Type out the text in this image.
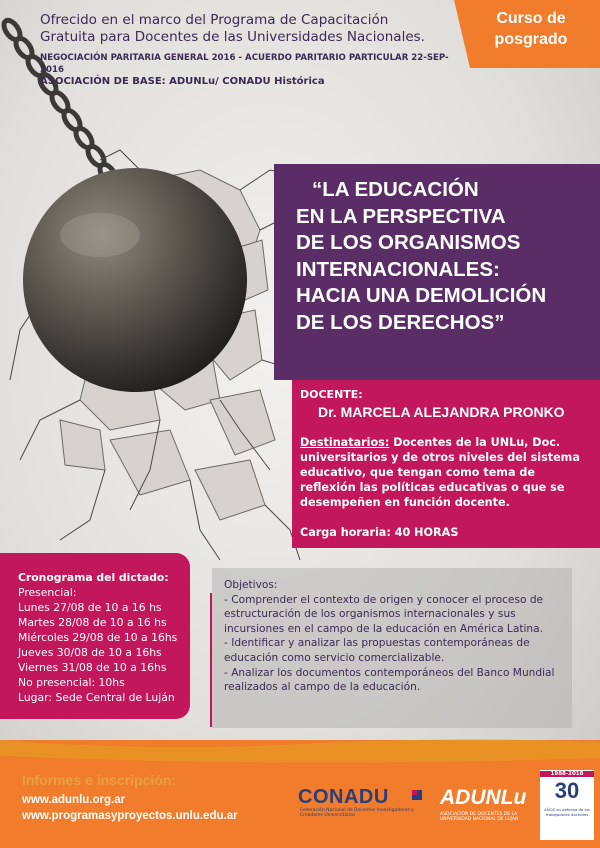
Ofrecido en el marco del Programa de Capacitación
Gratuita para Docentes de las Universidades Nacionales.
NEGOCIACIÓN PARITARIA GENERAL 2016 - ACUERDO PARITARIO PARTICULAR 22-SEP-2016
ASOCIACIÓN DE BASE: ADUNLu/ CONADU Histórica
Curso de
posgrado
“LA EDUCACIÓN
EN LA PERSPECTIVA
DE LOS ORGANISMOS
INTERNACIONALES:
HACIA UNA DEMOLICIÓN
DE LOS DERECHOS”
DOCENTE:
Dr. MARCELA ALEJANDRA PRONKO
Destinatarios: Docentes de la UNLu, Doc. universitarios y de otros niveles del sistema educativo, que tengan como tema de reflexión las políticas educativas o que se desempeñen en función docente.
Carga horaria: 40 HORAS
Cronograma del dictado:
Presencial:
Lunes 27/08 de 10 a 16 hs
Martes 28/08 de 10 a 16 hs
Miércoles 29/08 de 10 a 16hs
Jueves 30/08 de 10 a 16hs
Viernes 31/08 de 10 a 16hs
No presencial: 10hs
Lugar: Sede Central de Luján
Objetivos:
- Comprender el contexto de origen y conocer el proceso de estructuración de los organismos internacionales y sus incursiones en el campo de la educación en América Latina.
- Identificar y analizar las propuestas contemporáneas de educación como servicio comercializable.
- Analizar los documentos contemporáneos del Banco Mundial realizados al campo de la educación.
Informes e inscripción:
www.adunlu.org.ar
www.programasyproyectos.unlu.edu.ar
CONADU
Federación Nacional de Docentes Investigadores y Creadores Universitarios
ADUNLu
ASOCIACIÓN DE DOCENTES DE LA UNIVERSIDAD NACIONAL DE LUJÁN
1988-2018
30
AÑOS en defensa de los trabajadores docentes
